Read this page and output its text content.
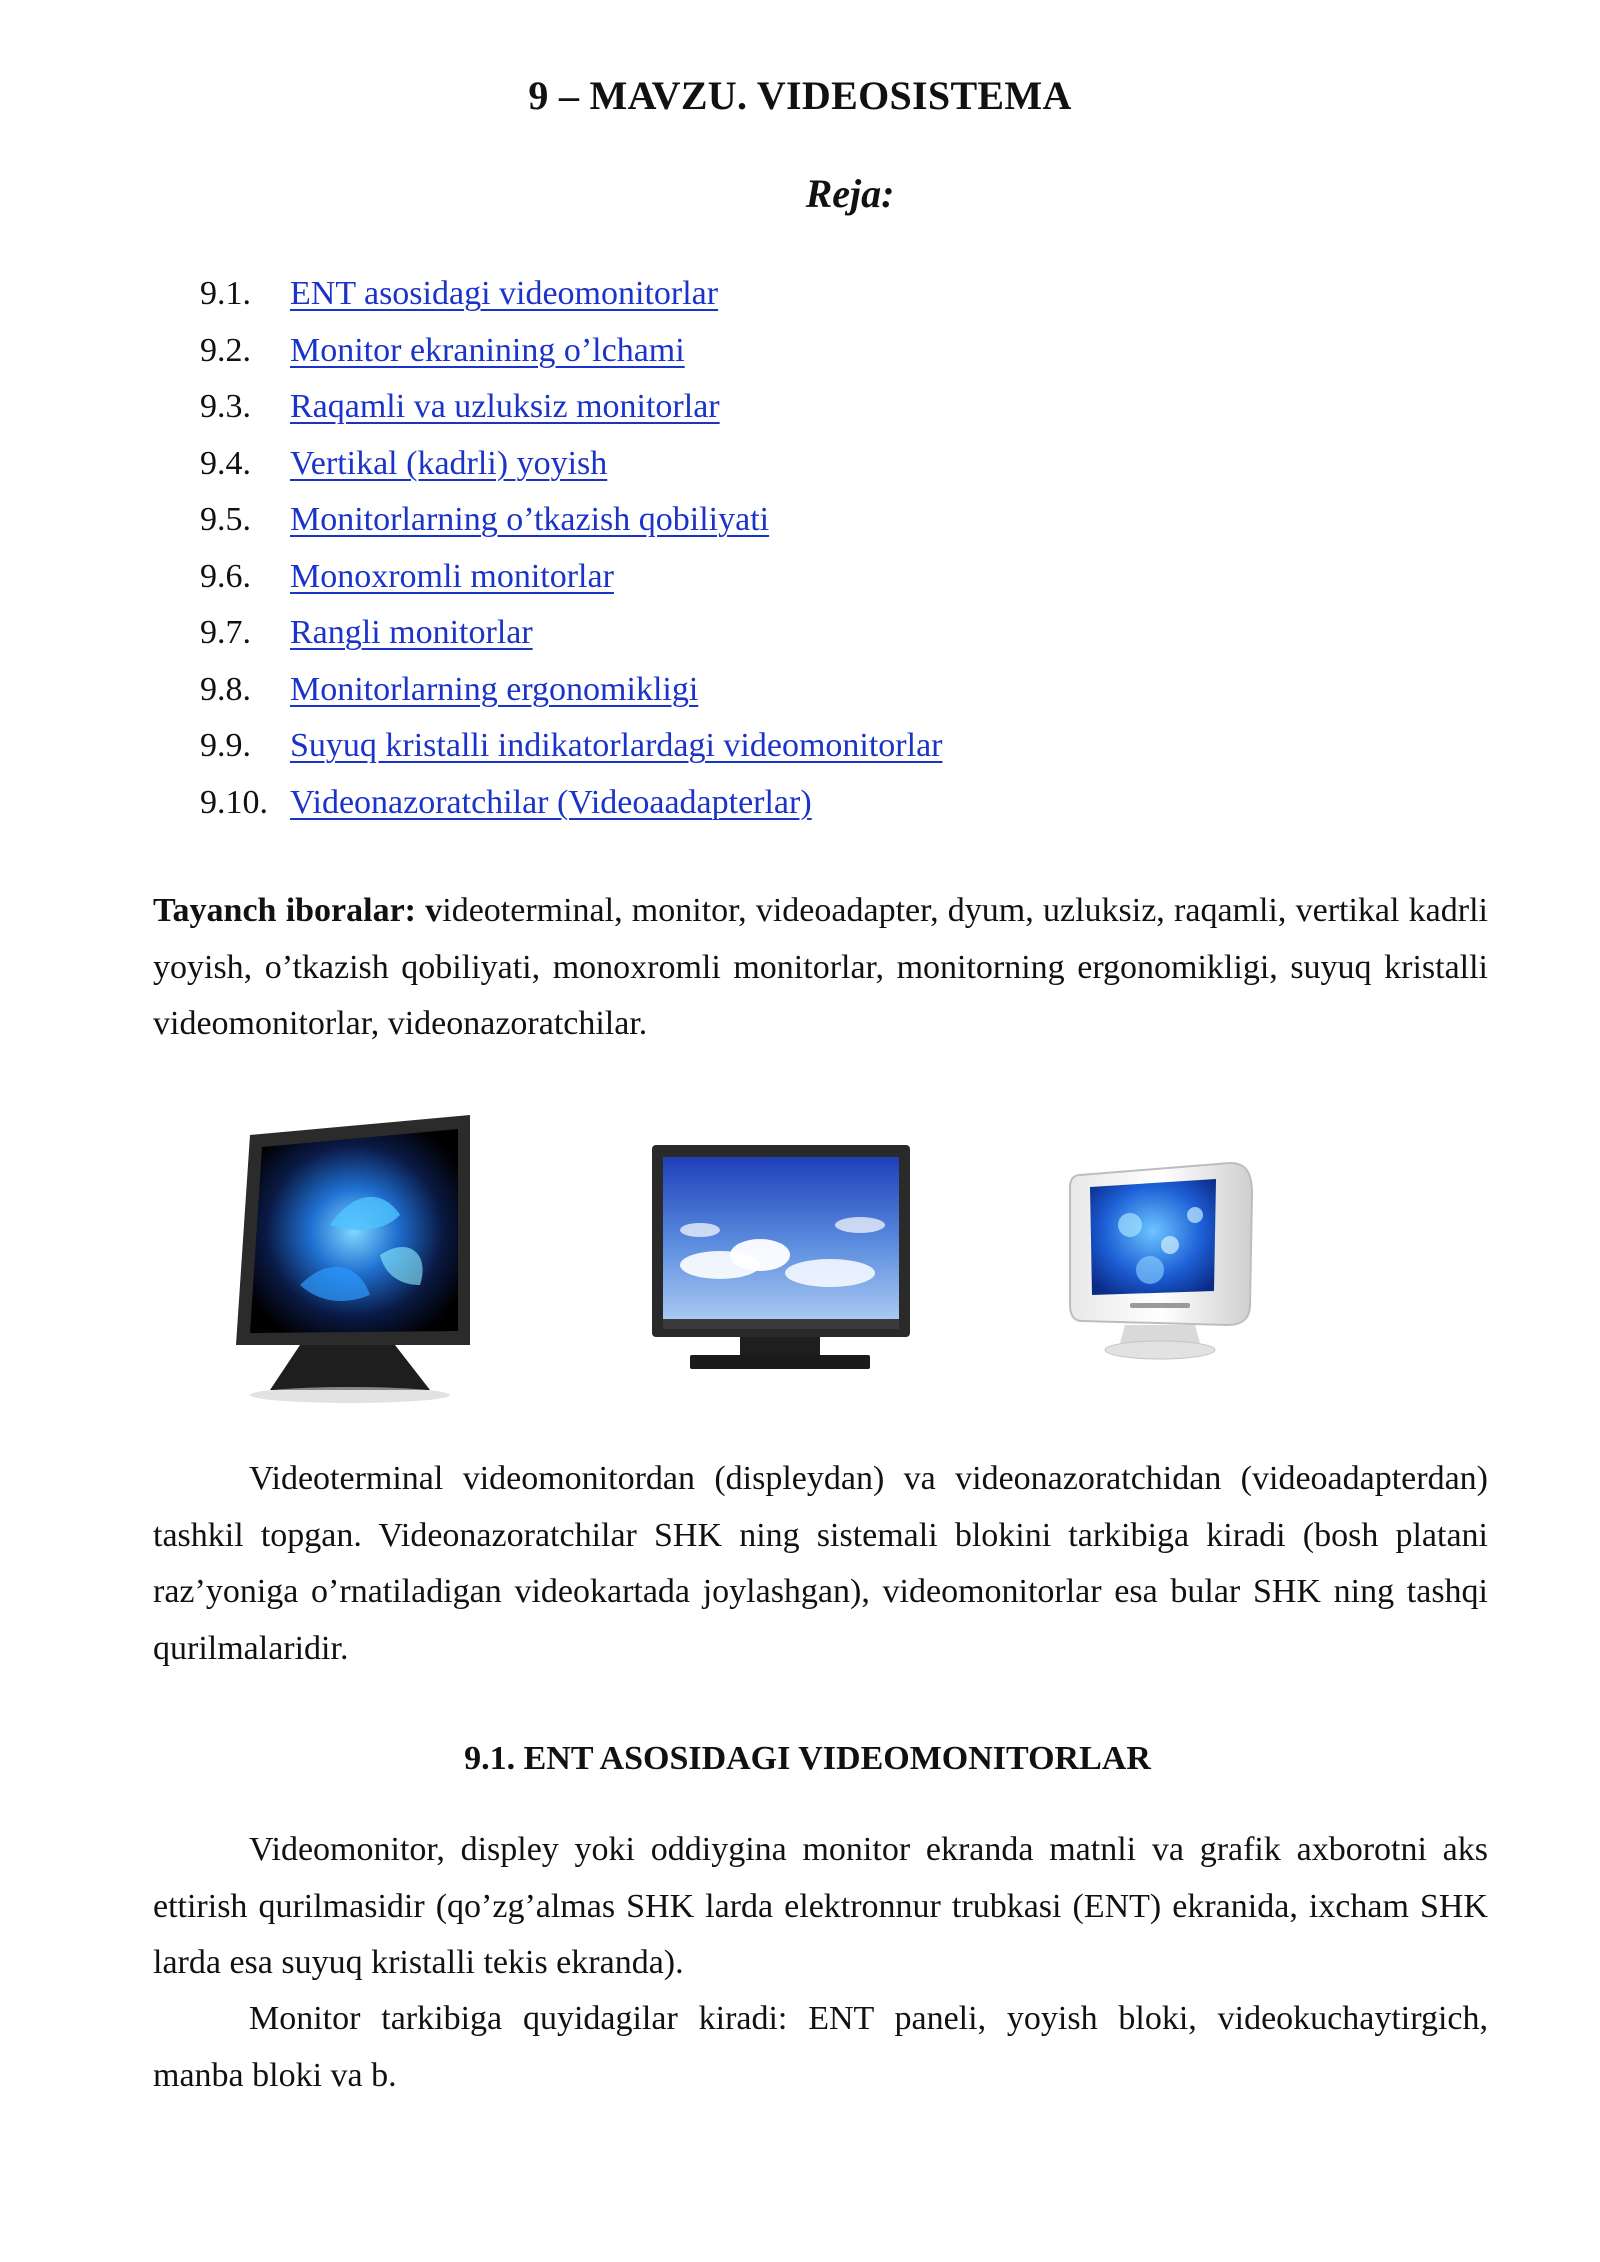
9 – MAVZU. VIDEOSISTEMA
Reja:
9.1. ENT asosidagi videomonitorlar
9.2. Monitor ekranining o’lchami
9.3. Raqamli va uzluksiz monitorlar
9.4. Vertikal (kadrli) yoyish
9.5. Monitorlarning o’tkazish qobiliyati
9.6. Monoxromli monitorlar
9.7. Rangli monitorlar
9.8. Monitorlarning ergonomikligi
9.9. Suyuq kristalli indikatorlardagi videomonitorlar
9.10. Videonazoratchilar (Videoaadapterlar)

Tayanch iboralar: videoterminal, monitor, videoadapter, dyum, uzluksiz, raqamli, vertikal kadrli yoyish, o’tkazish qobiliyati, monoxromli monitorlar, monitorning ergonomikligi, suyuq kristalli videomonitorlar, videonazoratchilar.

Videoterminal videomonitordan (displeydan) va videonazoratchidan (videoadapterdan) tashkil topgan. Videonazoratchilar SHK ning sistemali blokini tarkibiga kiradi (bosh platani raz’yoniga o’rnatiladigan videokartada joylashgan), videomonitorlar esa bular SHK ning tashqi qurilmalaridir.

9.1. ENT ASOSIDAGI VIDEOMONITORLAR

Videomonitor, displey yoki oddiygina monitor ekranda matnli va grafik axborotni aks ettirish qurilmasidir (qo’zg’almas SHK larda elektronnur trubkasi (ENT) ekranida, ixcham SHK larda esa suyuq kristalli tekis ekranda).

Monitor tarkibiga quyidagilar kiradi: ENT paneli, yoyish bloki, videokuchaytirgich, manba bloki va b.
